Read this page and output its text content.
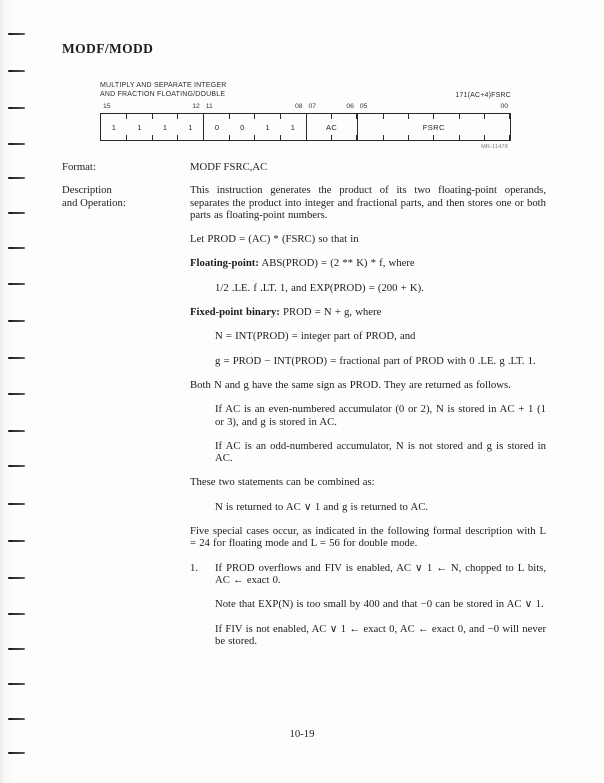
MODF/MODD
MULTIPLY AND SEPARATE INTEGER
AND FRACTION FLOATING/DOUBLE	171(AC+4)FSRC
15	12 11	08 07	06 05	00
1	1	1	1	0	0	1	1	AC	FSRC
MR-11478
Format:	MODF FSRC,AC
Description
and Operation:

This instruction generates the product of its two floating-point operands, separates the product into integer and fractional parts, and then stores one or both parts as floating-point numbers.

Let PROD = (AC) * (FSRC) so that in

Floating-point: ABS(PROD) = (2 ** K) * f, where

1/2 .LE. f .LT. 1, and EXP(PROD) = (200 + K).

Fixed-point binary: PROD = N + g, where

N = INT(PROD) = integer part of PROD, and

g = PROD − INT(PROD) = fractional part of PROD with 0 .LE. g .LT. 1.

Both N and g have the same sign as PROD. They are returned as follows.

If AC is an even-numbered accumulator (0 or 2), N is stored in AC + 1 (1 or 3), and g is stored in AC.

If AC is an odd-numbered accumulator, N is not stored and g is stored in AC.

These two statements can be combined as:

N is returned to AC ∨ 1 and g is returned to AC.

Five special cases occur, as indicated in the following formal description with L = 24 for floating mode and L = 56 for double mode.

1.	If PROD overflows and FIV is enabled, AC ∨ 1 ← N, chopped to L bits, AC ← exact 0.

Note that EXP(N) is too small by 400 and that −0 can be stored in AC ∨ 1.

If FIV is not enabled, AC ∨ 1 ← exact 0, AC ← exact 0, and −0 will never be stored.

10-19
